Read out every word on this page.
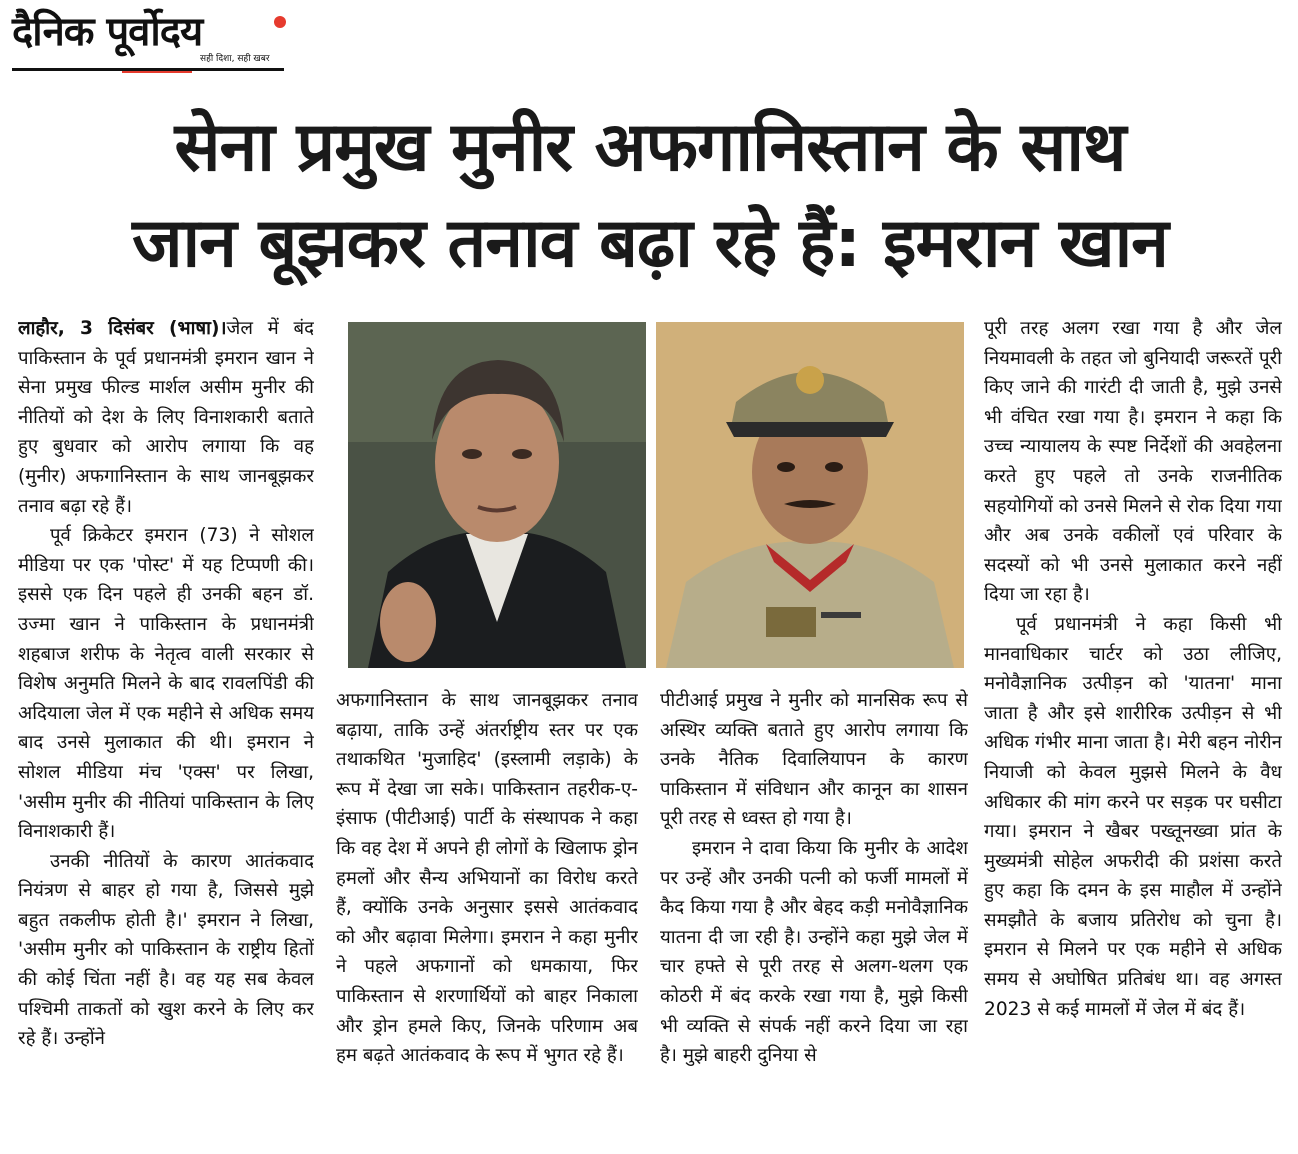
दैनिक पूर्वोदय
सही दिशा, सही खबर
सेना प्रमुख मुनीर अफगानिस्तान के साथ
जान बूझकर तनाव बढ़ा रहे हैं: इमरान खान

लाहौर, 3 दिसंबर (भाषा)।जेल में बंद पाकिस्तान के पूर्व प्रधानमंत्री इमरान खान ने सेना प्रमुख फील्ड मार्शल असीम मुनीर की नीतियों को देश के लिए विनाशकारी बताते हुए बुधवार को आरोप लगाया कि वह (मुनीर) अफगानिस्तान के साथ जानबूझकर तनाव बढ़ा रहे हैं।

पूर्व क्रिकेटर इमरान (73) ने सोशल मीडिया पर एक 'पोस्ट' में यह टिप्पणी की। इससे एक दिन पहले ही उनकी बहन डॉ. उज्मा खान ने पाकिस्तान के प्रधानमंत्री शहबाज शरीफ के नेतृत्व वाली सरकार से विशेष अनुमति मिलने के बाद रावलपिंडी की अदियाला जेल में एक महीने से अधिक समय बाद उनसे मुलाकात की थी। इमरान ने सोशल मीडिया मंच 'एक्स' पर लिखा, 'असीम मुनीर की नीतियां पाकिस्तान के लिए विनाशकारी हैं।

उनकी नीतियों के कारण आतंकवाद नियंत्रण से बाहर हो गया है, जिससे मुझे बहुत तकलीफ होती है।' इमरान ने लिखा, 'असीम मुनीर को पाकिस्तान के राष्ट्रीय हितों की कोई चिंता नहीं है। वह यह सब केवल पश्चिमी ताकतों को खुश करने के लिए कर रहे हैं। उन्होंने

अफगानिस्तान के साथ जानबूझकर तनाव बढ़ाया, ताकि उन्हें अंतर्राष्ट्रीय स्तर पर एक तथाकथित 'मुजाहिद' (इस्लामी लड़ाके) के रूप में देखा जा सके। पाकिस्तान तहरीक-ए-इंसाफ (पीटीआई) पार्टी के संस्थापक ने कहा कि वह देश में अपने ही लोगों के खिलाफ ड्रोन हमलों और सैन्य अभियानों का विरोध करते हैं, क्योंकि उनके अनुसार इससे आतंकवाद को और बढ़ावा मिलेगा। इमरान ने कहा मुनीर ने पहले अफगानों को धमकाया, फिर पाकिस्तान से शरणार्थियों को बाहर निकाला और ड्रोन हमले किए, जिनके परिणाम अब हम बढ़ते आतंकवाद के रूप में भुगत रहे हैं।

पीटीआई प्रमुख ने मुनीर को मानसिक रूप से अस्थिर व्यक्ति बताते हुए आरोप लगाया कि उनके नैतिक दिवालियापन के कारण पाकिस्तान में संविधान और कानून का शासन पूरी तरह से ध्वस्त हो गया है।

इमरान ने दावा किया कि मुनीर के आदेश पर उन्हें और उनकी पत्नी को फर्जी मामलों में कैद किया गया है और बेहद कड़ी मनोवैज्ञानिक यातना दी जा रही है। उन्होंने कहा मुझे जेल में चार हफ्ते से पूरी तरह से अलग-थलग एक कोठरी में बंद करके रखा गया है, मुझे किसी भी व्यक्ति से संपर्क नहीं करने दिया जा रहा है। मुझे बाहरी दुनिया से

पूरी तरह अलग रखा गया है और जेल नियमावली के तहत जो बुनियादी जरूरतें पूरी किए जाने की गारंटी दी जाती है, मुझे उनसे भी वंचित रखा गया है। इमरान ने कहा कि उच्च न्यायालय के स्पष्ट निर्देशों की अवहेलना करते हुए पहले तो उनके राजनीतिक सहयोगियों को उनसे मिलने से रोक दिया गया और अब उनके वकीलों एवं परिवार के सदस्यों को भी उनसे मुलाकात करने नहीं दिया जा रहा है।

पूर्व प्रधानमंत्री ने कहा किसी भी मानवाधिकार चार्टर को उठा लीजिए, मनोवैज्ञानिक उत्पीड़न को 'यातना' माना जाता है और इसे शारीरिक उत्पीड़न से भी अधिक गंभीर माना जाता है। मेरी बहन नोरीन नियाजी को केवल मुझसे मिलने के वैध अधिकार की मांग करने पर सड़क पर घसीटा गया। इमरान ने खैबर पख्तूनख्वा प्रांत के मुख्यमंत्री सोहेल अफरीदी की प्रशंसा करते हुए कहा कि दमन के इस माहौल में उन्होंने समझौते के बजाय प्रतिरोध को चुना है। इमरान से मिलने पर एक महीने से अधिक समय से अघोषित प्रतिबंध था। वह अगस्त 2023 से कई मामलों में जेल में बंद हैं।
